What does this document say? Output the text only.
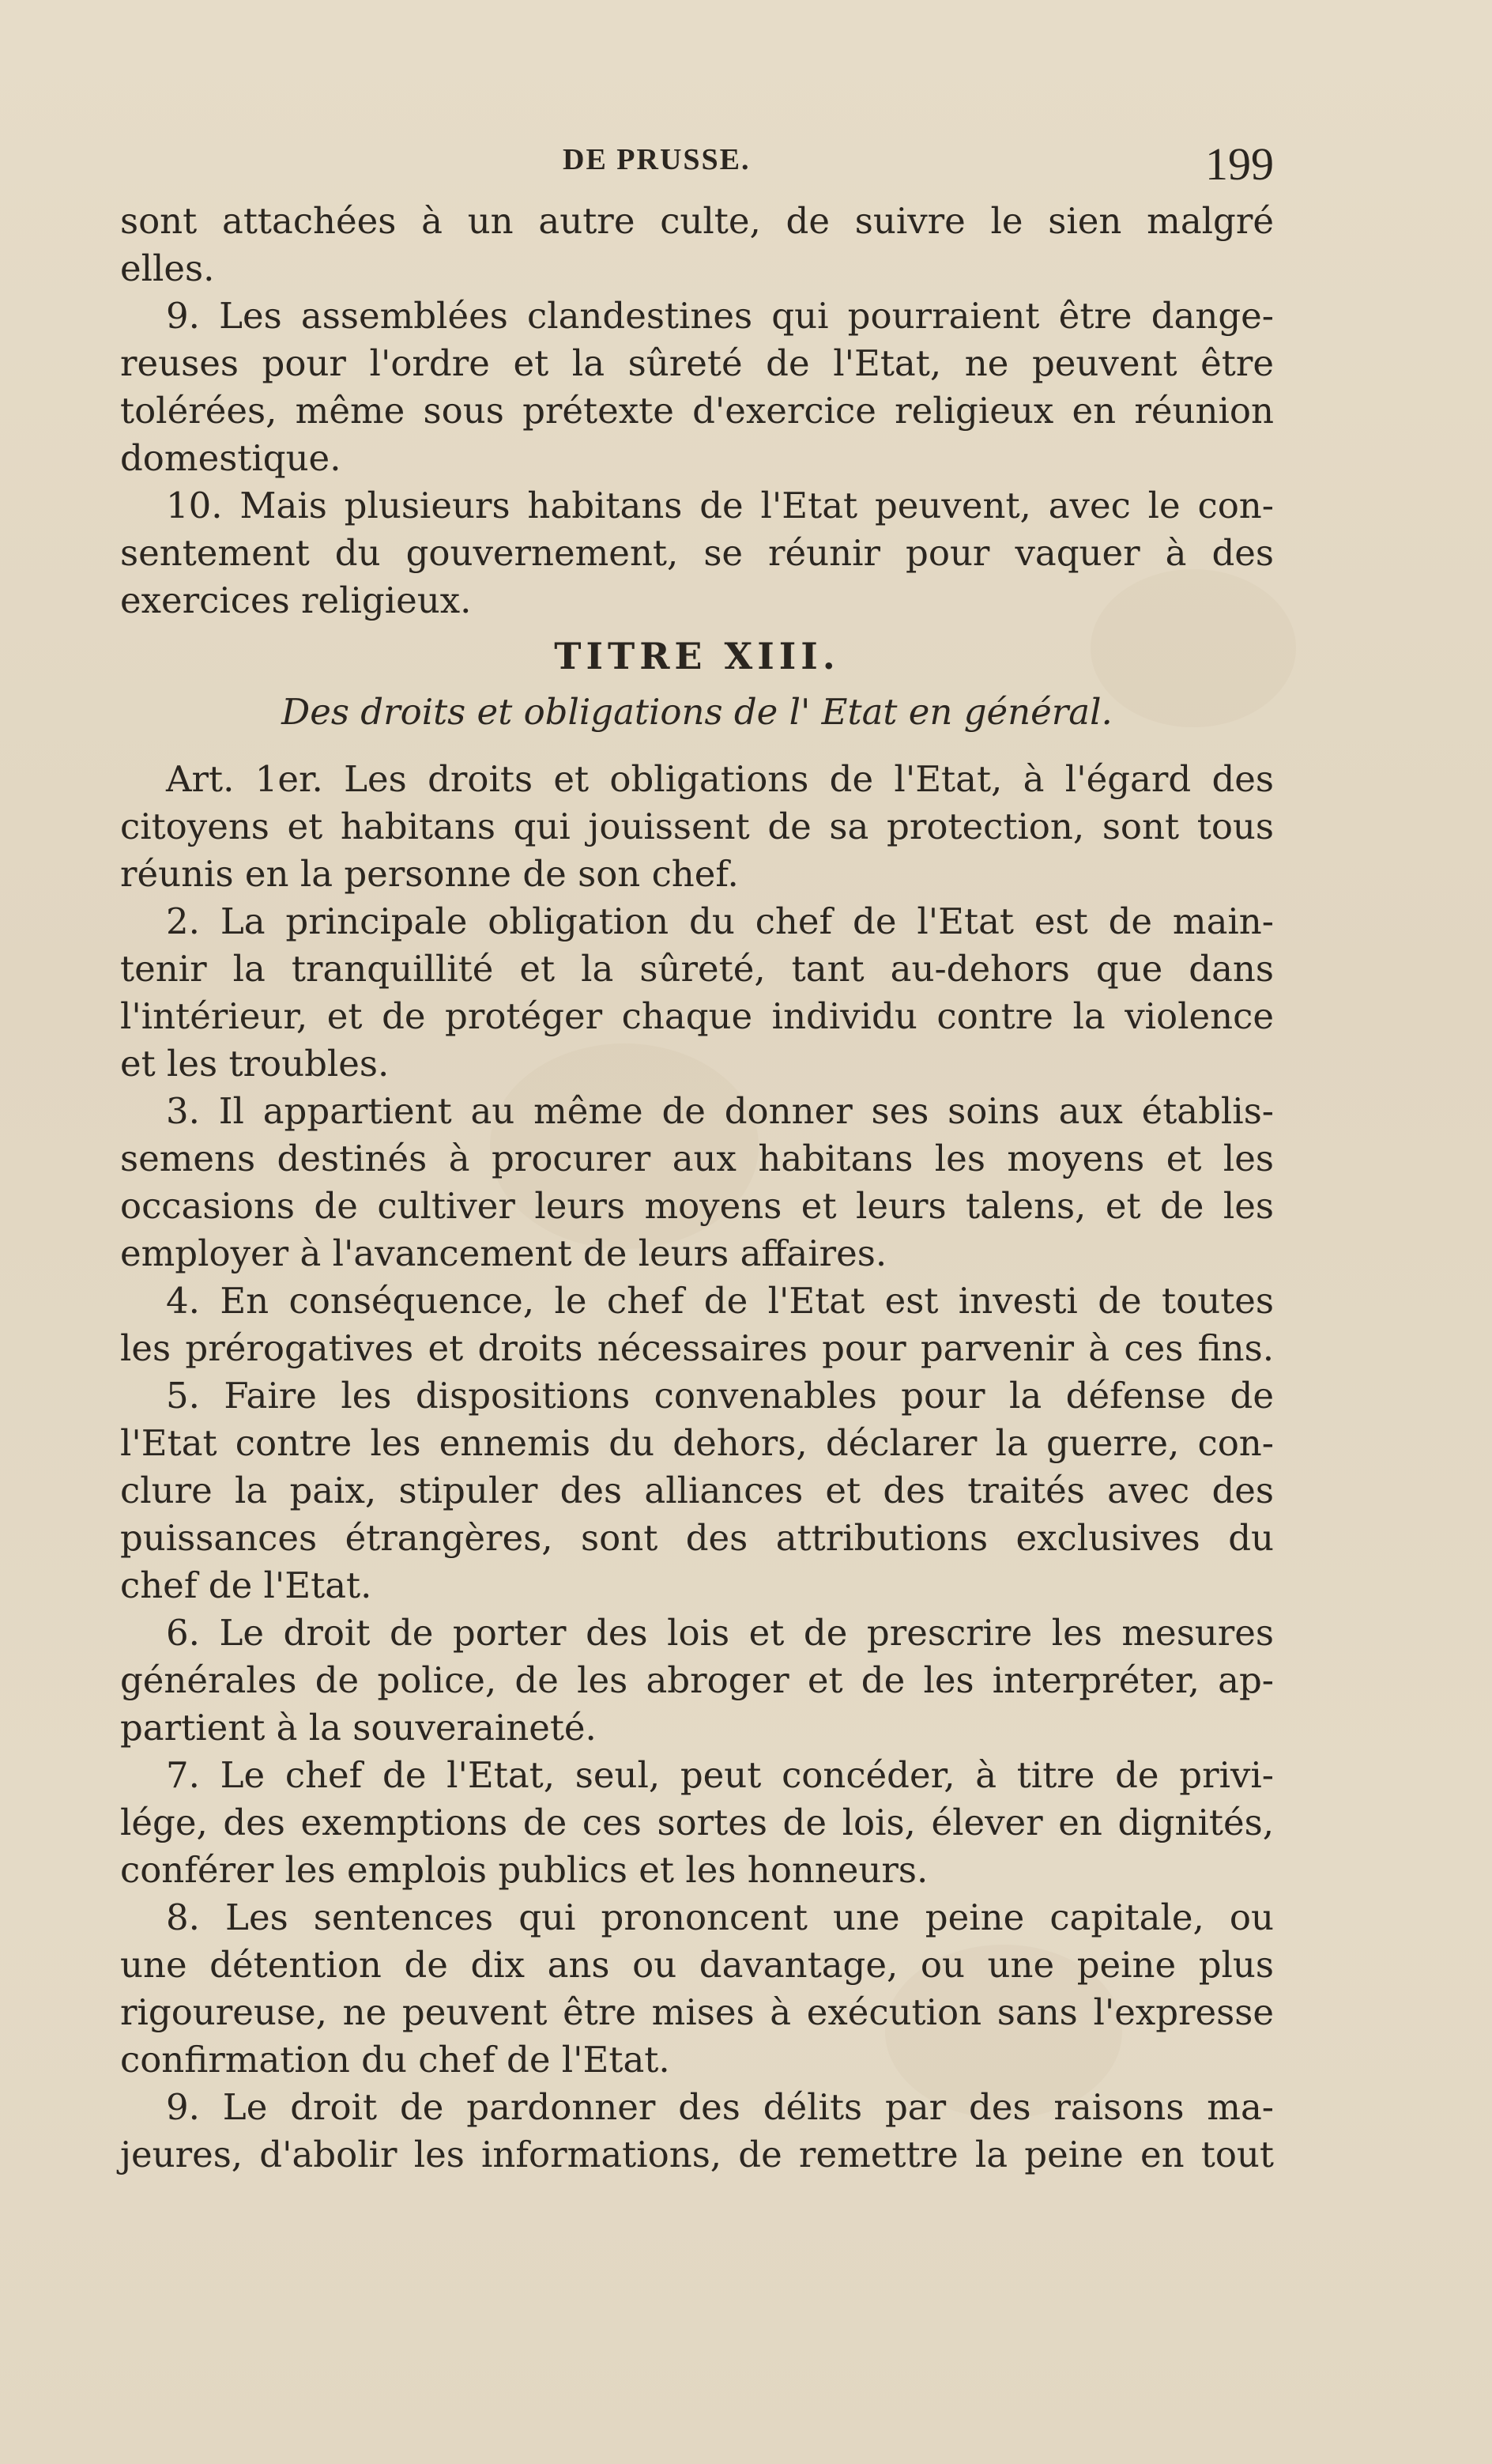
DE PRUSSE.	199
sont attachées à un autre culte, de suivre le sien malgré
elles.
9. Les assemblées clandestines qui pourraient être dange-
reuses pour l'ordre et la sûreté de l'Etat, ne peuvent être
tolérées, même sous prétexte d'exercice religieux en réunion
domestique.
10. Mais plusieurs habitans de l'Etat peuvent, avec le con-
sentement du gouvernement, se réunir pour vaquer à des
exercices religieux.
TITRE XIII.
Des droits et obligations de l' Etat en général.
Art. 1er. Les droits et obligations de l'Etat, à l'égard des
citoyens et habitans qui jouissent de sa protection, sont tous
réunis en la personne de son chef.
2. La principale obligation du chef de l'Etat est de main-
tenir la tranquillité et la sûreté, tant au-dehors que dans
l'intérieur, et de protéger chaque individu contre la violence
et les troubles.
3. Il appartient au même de donner ses soins aux établis-
semens destinés à procurer aux habitans les moyens et les
occasions de cultiver leurs moyens et leurs talens, et de les
employer à l'avancement de leurs affaires.
4. En conséquence, le chef de l'Etat est investi de toutes
les prérogatives et droits nécessaires pour parvenir à ces fins.
5. Faire les dispositions convenables pour la défense de
l'Etat contre les ennemis du dehors, déclarer la guerre, con-
clure la paix, stipuler des alliances et des traités avec des
puissances étrangères, sont des attributions exclusives du
chef de l'Etat.
6. Le droit de porter des lois et de prescrire les mesures
générales de police, de les abroger et de les interpréter, ap-
partient à la souveraineté.
7. Le chef de l'Etat, seul, peut concéder, à titre de privi-
lége, des exemptions de ces sortes de lois, élever en dignités,
conférer les emplois publics et les honneurs.
8. Les sentences qui prononcent une peine capitale, ou
une détention de dix ans ou davantage, ou une peine plus
rigoureuse, ne peuvent être mises à exécution sans l'expresse
confirmation du chef de l'Etat.
9. Le droit de pardonner des délits par des raisons ma-
jeures, d'abolir les informations, de remettre la peine en tout
